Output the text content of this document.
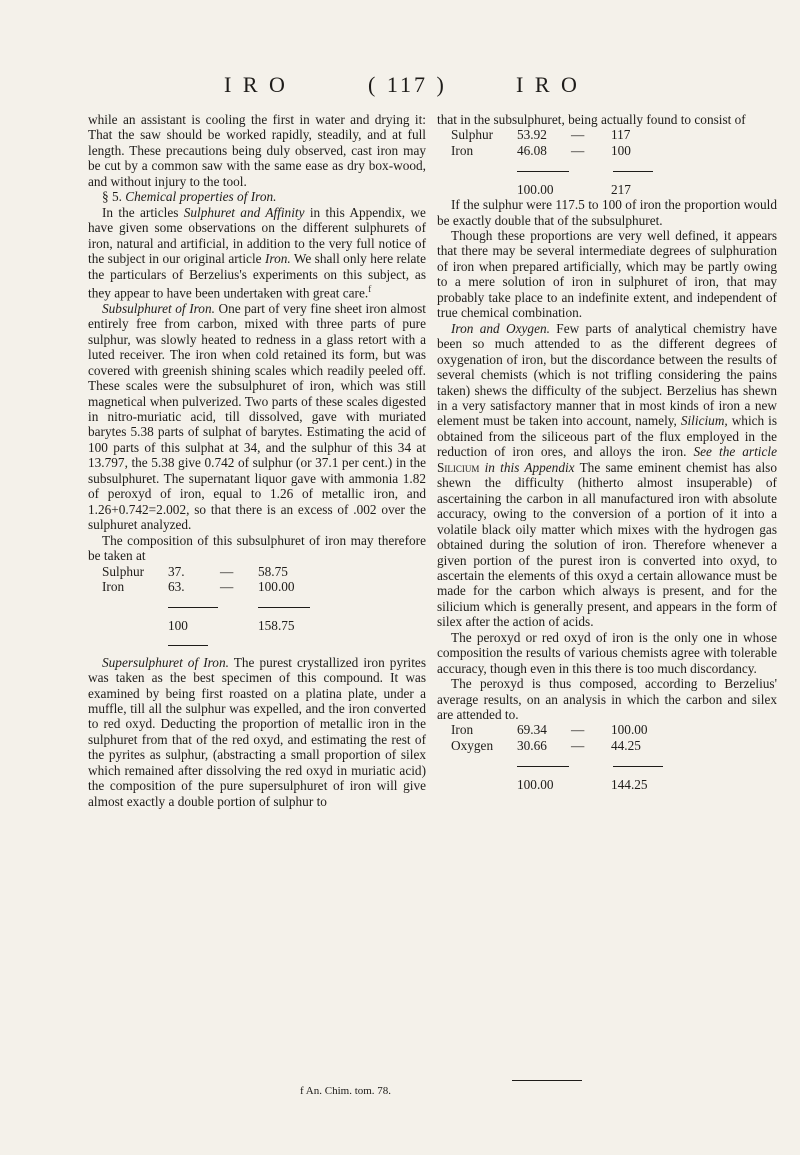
I R O	( 117 )	I R O

while an assistant is cooling the first in water and drying it: That the saw should be worked rapidly, steadily, and at full length. These precautions being duly observed, cast iron may be cut by a common saw with the same ease as dry box-wood, and without injury to the tool.

§ 5. Chemical properties of Iron.

In the articles Sulphuret and Affinity in this Appendix, we have given some observations on the different sulphurets of iron, natural and artificial, in addition to the very full notice of the subject in our original article Iron. We shall only here relate the particulars of Berzelius's experiments on this subject, as they appear to have been undertaken with great care.$^f$

Subsulphuret of Iron. One part of very fine sheet iron almost entirely free from carbon, mixed with three parts of pure sulphur, was slowly heated to redness in a glass retort with a luted receiver. The iron when cold retained its form, but was covered with greenish shining scales which readily peeled off. These scales were the subsulphuret of iron, which was still magnetical when pulverized. Two parts of these scales digested in nitro-muriatic acid, till dissolved, gave with muriated barytes 5.38 parts of sulphat of barytes. Estimating the acid of 100 parts of this sulphat at 34, and the sulphur of this 34 at 13.797, the 5.38 give 0.742 of sulphur (or 37.1 per cent.) in the subsulphuret. The supernatant liquor gave with ammonia 1.82 of peroxyd of iron, equal to 1.26 of metallic iron, and 1.26+0.742=2.002, so that there is an excess of .002 over the sulphuret analyzed.

The composition of this subsulphuret of iron may therefore be taken at

Sulphur	37.	—	58.75
Iron	63.	—	100.00

	100		158.75

Supersulphuret of Iron. The purest crystallized iron pyrites was taken as the best specimen of this compound. It was examined by being first roasted on a platina plate, under a muffle, till all the sulphur was expelled, and the iron converted to red oxyd. Deducting the proportion of metallic iron in the sulphuret from that of the red oxyd, and estimating the rest of the pyrites as sulphur, (abstracting a small proportion of silex which remained after dissolving the red oxyd in muriatic acid) the composition of the pure supersulphuret of iron will give almost exactly a double portion of sulphur to

that in the subsulphuret, being actually found to consist of

Sulphur	53.92	—	117
Iron	46.08	—	100

	100.00		217

If the sulphur were 117.5 to 100 of iron the proportion would be exactly double that of the subsulphuret.

Though these proportions are very well defined, it appears that there may be several intermediate degrees of sulphuration of iron when prepared artificially, which may be partly owing to a mere solution of iron in sulphuret of iron, that may probably take place to an indefinite extent, and independent of true chemical combination.

Iron and Oxygen. Few parts of analytical chemistry have been so much attended to as the different degrees of oxygenation of iron, but the discordance between the results of several chemists (which is not trifling considering the pains taken) shews the difficulty of the subject. Berzelius has shewn in a very satisfactory manner that in most kinds of iron a new element must be taken into account, namely, Silicium, which is obtained from the siliceous part of the flux employed in the reduction of iron ores, and alloys the iron. See the article Silicium in this Appendix The same eminent chemist has also shewn the difficulty (hitherto almost insuperable) of ascertaining the carbon in all manufactured iron with absolute accuracy, owing to the conversion of a portion of it into a volatile black oily matter which mixes with the hydrogen gas obtained during the solution of iron. Therefore whenever a given portion of the purest iron is converted into oxyd, to ascertain the elements of this oxyd a certain allowance must be made for the carbon which always is present, and for the silicium which is generally present, and appears in the form of silex after the action of acids.

The peroxyd or red oxyd of iron is the only one in whose composition the results of various chemists agree with tolerable accuracy, though even in this there is too much discordancy.

The peroxyd is thus composed, according to Berzelius' average results, on an analysis in which the carbon and silex are attended to.

Iron	69.34	—	100.00
Oxygen	30.66	—	44.25

	100.00		144.25
f An. Chim. tom. 78.
